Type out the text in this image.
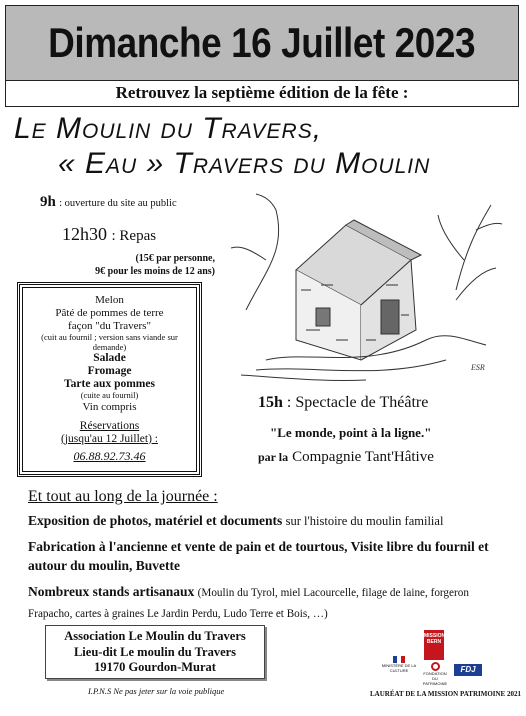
Dimanche 16 Juillet 2023
Retrouvez la septième édition de la fête :
Le Moulin du Travers,
« Eau » Travers du Moulin
9h : ouverture du site au public
12h30 : Repas
(15€ par personne,
9€ pour les moins de 12 ans)
Melon
Pâté de pommes de terre
façon "du Travers"
(cuit au fournil ; version sans viande sur
demande)
Salade
Fromage
Tarte aux pommes
(cuite au fournil)
Vin compris
Réservations
(jusqu'au 12 Juillet) :
06.88.92.73.46
ESR
15h : Spectacle de Théâtre
"Le monde, point à la ligne."
par la Compagnie Tant'Hâtive
Et tout au long de la journée :
Exposition de photos, matériel et documents sur l'histoire du moulin familial
Fabrication à l'ancienne et vente de pain et de tourtous, Visite libre du fournil et autour du moulin, Buvette
Nombreux stands artisanaux (Moulin du Tyrol, miel Lacourcelle, filage de laine, forgeron Frapacho, cartes à graines Le Jardin Perdu, Ludo Terre et Bois, …)
Association Le Moulin du Travers
Lieu-dit Le moulin du Travers
19170 Gourdon-Murat
I.P.N.S Ne pas jeter sur la voie publique
MISSION BERN
MINISTÈRE DE LA CULTURE
FONDATION DU PATRIMOINE
FDJ
LAURÉAT DE LA MISSION PATRIMOINE 2021
